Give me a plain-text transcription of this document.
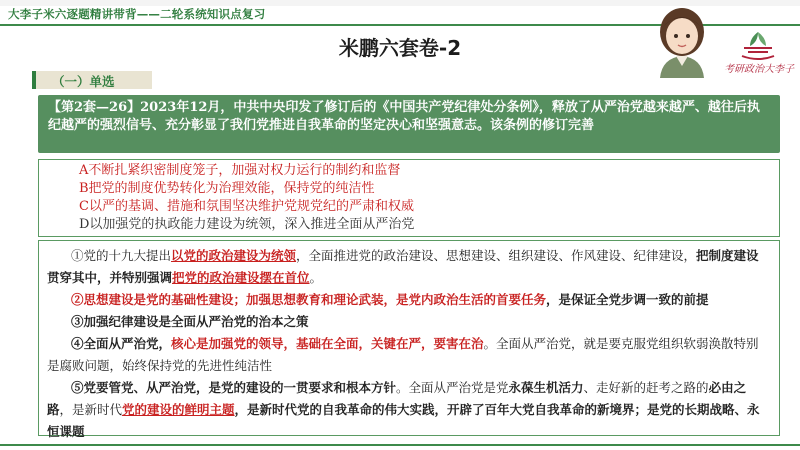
大李子米六逐题精讲带背——二轮系统知识点复习
米鹏六套卷-2
考研政治大李子
（一）单选
【第2套—26】2023年12月，中共中央印发了修订后的《中国共产党纪律处分条例》，释放了从严治党越来越严、越往后执纪越严的强烈信号、充分彰显了我们党推进自我革命的坚定决心和坚强意志。该条例的修订完善
A不断扎紧织密制度笼子，加强对权力运行的制约和监督
B把党的制度优势转化为治理效能，保持党的纯洁性
C以严的基调、措施和氛围坚决维护党规党纪的严肃和权威
D以加强党的执政能力建设为统领，深入推进全面从严治党
①党的十九大提出以党的政治建设为统领，全面推进党的政治建设、思想建设、组织建设、作风建设、纪律建设，把制度建设贯穿其中，并特别强调把党的政治建设摆在首位。
②思想建设是党的基础性建设；加强思想教育和理论武装，是党内政治生活的首要任务，是保证全党步调一致的前提
③加强纪律建设是全面从严治党的治本之策
④全面从严治党，核心是加强党的领导，基础在全面，关键在严，要害在治。全面从严治党，就是要克服党组织软弱涣散特别是腐败问题，始终保持党的先进性纯洁性
⑤党要管党、从严治党，是党的建设的一贯要求和根本方针。全面从严治党是党永葆生机活力、走好新的赶考之路的必由之路，是新时代党的建设的鲜明主题，是新时代党的自我革命的伟大实践，开辟了百年大党自我革命的新境界；是党的长期战略、永恒课题
